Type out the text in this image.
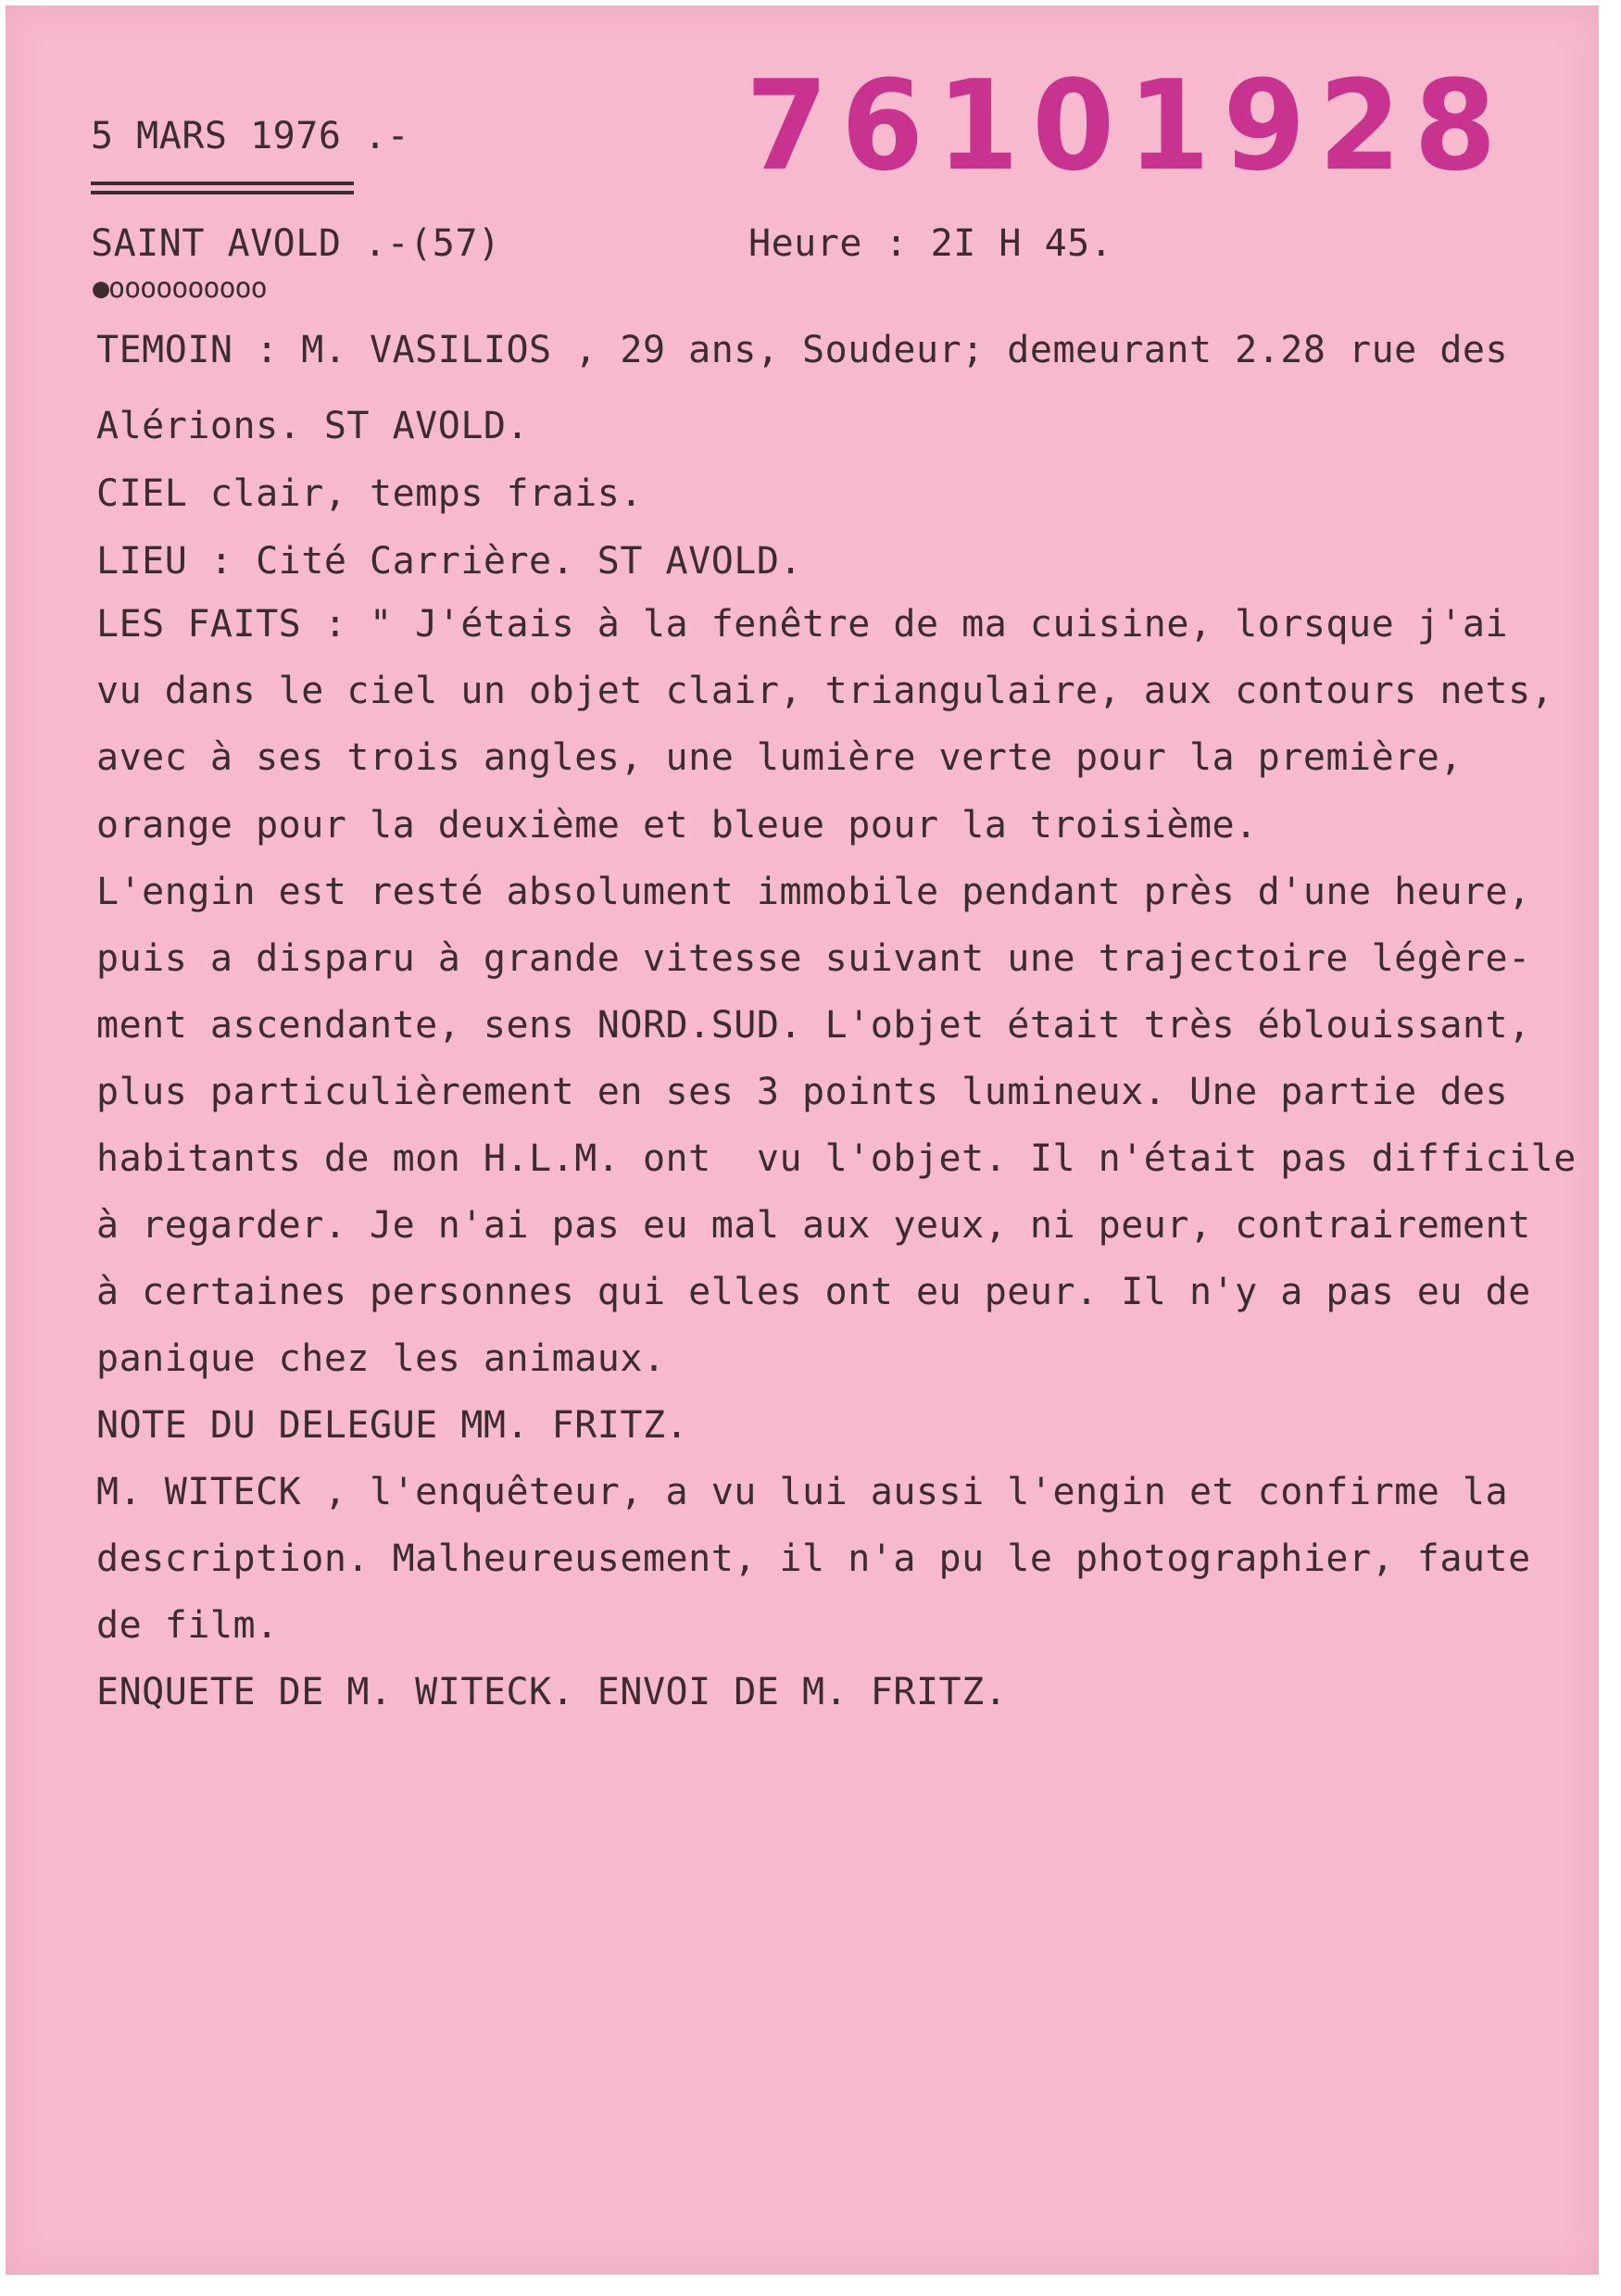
5 MARS 1976 .-	76101928
SAINT AVOLD .-(57)
●oooooooooo
Heure : 2I H 45.
TEMOIN : M. VASILIOS , 29 ans, Soudeur; demeurant 2.28 rue des
Alérions. ST AVOLD.
CIEL clair, temps frais.
LIEU : Cité Carrière. ST AVOLD.
LES FAITS : " J'étais à la fenêtre de ma cuisine, lorsque j'ai
vu dans le ciel un objet clair, triangulaire, aux contours nets,
avec à ses trois angles, une lumière verte pour la première,
orange pour la deuxième et bleue pour la troisième.
L'engin est resté absolument immobile pendant près d'une heure,
puis a disparu à grande vitesse suivant une trajectoire légère-
ment ascendante, sens NORD.SUD. L'objet était très éblouissant,
plus particulièrement en ses 3 points lumineux. Une partie des
habitants de mon H.L.M. ont  vu l'objet. Il n'était pas difficile
à regarder. Je n'ai pas eu mal aux yeux, ni peur, contrairement
à certaines personnes qui elles ont eu peur. Il n'y a pas eu de
panique chez les animaux.
NOTE DU DELEGUE MM. FRITZ.
M. WITECK , l'enquêteur, a vu lui aussi l'engin et confirme la
description. Malheureusement, il n'a pu le photographier, faute
de film.
ENQUETE DE M. WITECK. ENVOI DE M. FRITZ.
